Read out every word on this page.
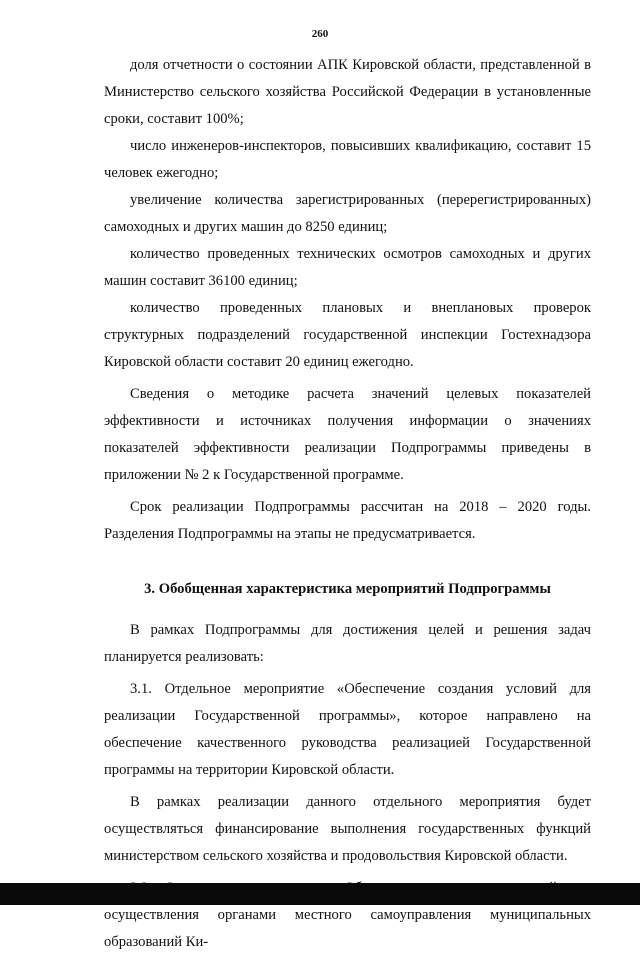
260

доля отчетности о состоянии АПК Кировской области, представленной в Министерство сельского хозяйства Российской Федерации в установленные сроки, составит 100%;

число инженеров-инспекторов, повысивших квалификацию, составит 15 человек ежегодно;

увеличение количества зарегистрированных (перерегистрированных) самоходных и других машин до 8250 единиц;

количество проведенных технических осмотров самоходных и других машин составит 36100 единиц;

количество проведенных плановых и внеплановых проверок структурных подразделений государственной инспекции Гостехнадзора Кировской области составит 20 единиц ежегодно.

Сведения о методике расчета значений целевых показателей эффективности и источниках получения информации о значениях показателей эффективности реализации Подпрограммы приведены в приложении № 2 к Государственной программе.

Срок реализации Подпрограммы рассчитан на 2018 – 2020 годы. Разделения Подпрограммы на этапы не предусматривается.

3. Обобщенная характеристика мероприятий Подпрограммы

В рамках Подпрограммы для достижения целей и решения задач планируется реализовать:

3.1. Отдельное мероприятие «Обеспечение создания условий для реализации Государственной программы», которое направлено на обеспечение качественного руководства реализацией Государственной программы на территории Кировской области.

В рамках реализации данного отдельного мероприятия будет осуществляться финансирование выполнения государственных функций министерством сельского хозяйства и продовольствия Кировской области.

осуществления органами местного самоуправления муниципальных образований Ки-
